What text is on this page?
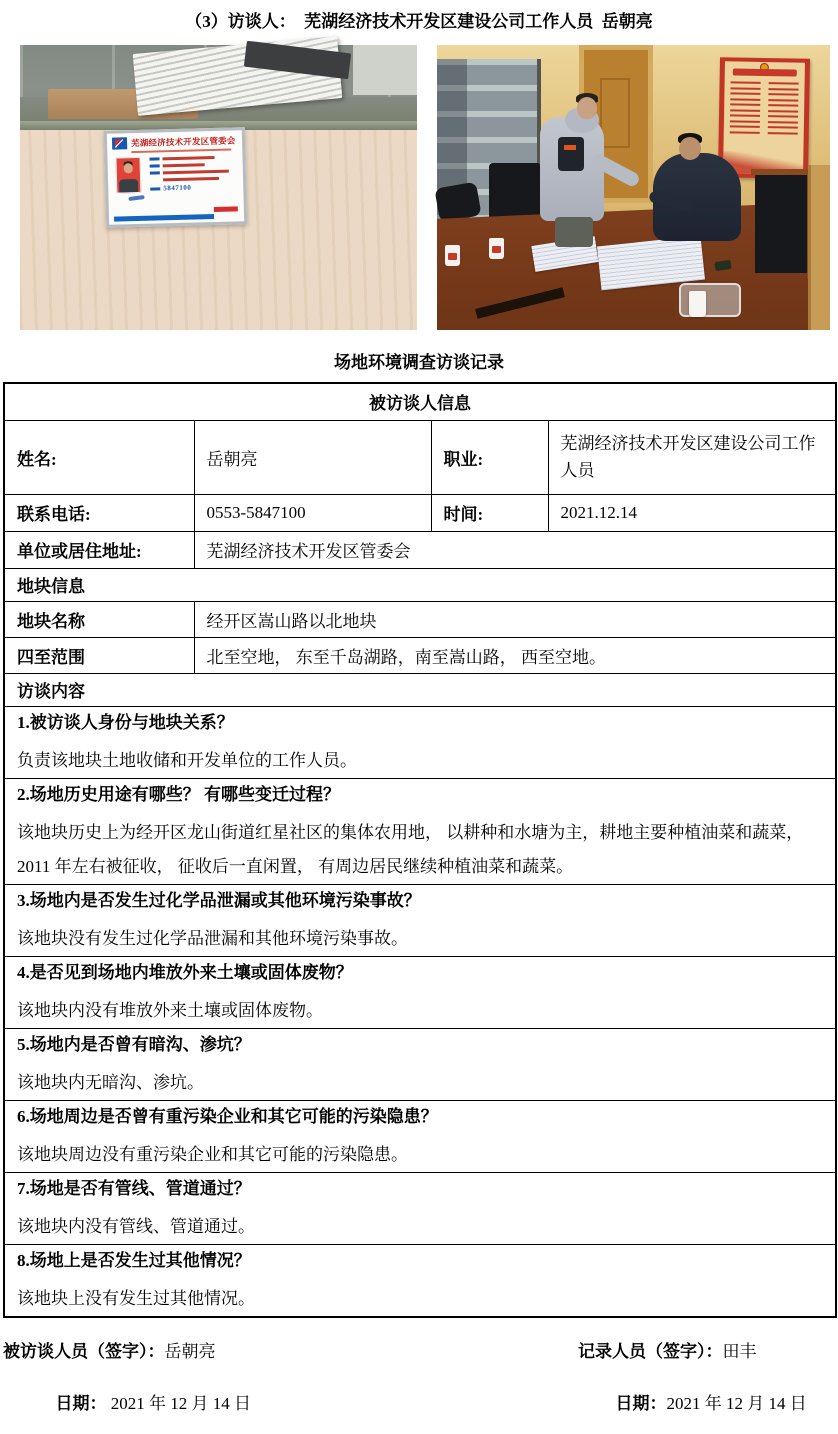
（3）访谈人：  芜湖经济技术开发区建设公司工作人员  岳朝亮
芜湖经济技术开发区管委会
5847100
场地环境调查访谈记录
被访谈人信息			
姓名:	岳朝亮	职业:	芜湖经济技术开发区建设公司工作人员
联系电话:	0553-5847100	时间:	2021.12.14
单位或居住地址:	芜湖经济技术开发区管委会		
地块信息			
地块名称	经开区嵩山路以北地块		
四至范围	北至空地， 东至千岛湖路，南至嵩山路， 西至空地。		
访谈内容			

1.被访谈人身份与地块关系？
负责该地块土地收储和开发单位的工作人员。			

2.场地历史用途有哪些？ 有哪些变迁过程？
该地块历史上为经开区龙山街道红星社区的集体农用地， 以耕种和水塘为主，耕地主要种植油菜和蔬菜， 2011 年左右被征收， 征收后一直闲置， 有周边居民继续种植油菜和蔬菜。			

3.场地内是否发生过化学品泄漏或其他环境污染事故？
该地块没有发生过化学品泄漏和其他环境污染事故。			

4.是否见到场地内堆放外来土壤或固体废物？
该地块内没有堆放外来土壤或固体废物。			

5.场地内是否曾有暗沟、渗坑？
该地块内无暗沟、渗坑。			

6.场地周边是否曾有重污染企业和其它可能的污染隐患？
该地块周边没有重污染企业和其它可能的污染隐患。			

7.场地是否有管线、管道通过？
该地块内没有管线、管道通过。			

8.场地上是否发生过其他情况？
该地块上没有发生过其他情况。			
被访谈人员（签字）：岳朝亮	记录人员（签字）：田丰

日期： 2021 年 12 月 14 日
	日期：2021 年 12 月 14 日
